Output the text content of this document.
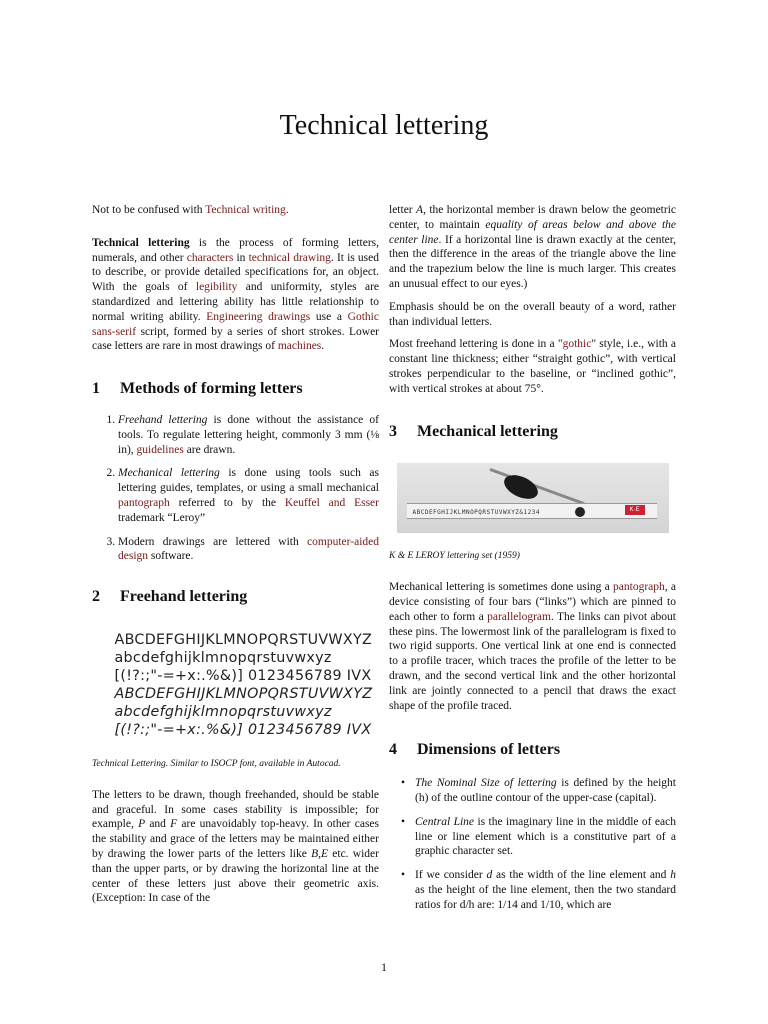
Technical lettering

Not to be confused with Technical writing.

Technical lettering is the process of forming letters, numerals, and other characters in technical drawing. It is used to describe, or provide detailed specifications for, an object. With the goals of legibility and uniformity, styles are standardized and lettering ability has little relationship to normal writing ability. Engineering drawings use a Gothic sans-serif script, formed by a series of short strokes. Lower case letters are rare in most drawings of machines.

1	Methods of forming letters
1. Freehand lettering is done without the assistance of tools. To regulate lettering height, commonly 3 mm (⅛ in), guidelines are drawn.
2. Mechanical lettering is done using tools such as lettering guides, templates, or using a small mechanical pantograph referred to by the Keuffel and Esser trademark “Leroy”
3. Modern drawings are lettered with computer-aided design software.
2	Freehand lettering
ABCDEFGHIJKLMNOPQRSTUVWXYZ
abcdefghijklmnopqrstuvwxyz
[(!?:;"-=+x:.%&)] 0123456789 IVX
ABCDEFGHIJKLMNOPQRSTUVWXYZ
abcdefghijklmnopqrstuvwxyz
[(!?:;"-=+x:.%&)] 0123456789 IVX

Technical Lettering. Similar to ISOCP font, available in Autocad.

The letters to be drawn, though freehanded, should be stable and graceful. In some cases stability is impossible; for example, P and F are unavoidably top-heavy. In other cases the stability and grace of the letters may be maintained either by drawing the lower parts of the letters like B,E etc. wider than the upper parts, or by drawing the horizontal line at the center of these letters just above their geometric axis. (Exception: In case of the

letter A, the horizontal member is drawn below the geometric center, to maintain equality of areas below and above the center line. If a horizontal line is drawn exactly at the center, then the difference in the areas of the triangle above the line and the trapezium below the line is much larger. This creates an unusual effect to our eyes.)

Emphasis should be on the overall beauty of a word, rather than individual letters.

Most freehand lettering is done in a "gothic" style, i.e., with a constant line thickness; either “straight gothic”, with vertical strokes perpendicular to the baseline, or “inclined gothic”, with vertical strokes at about 75°.

3	Mechanical lettering
ABCDEFGHIJKLMNOPQRSTUVWXYZ&1234	K·E

K & E LEROY lettering set (1959)

Mechanical lettering is sometimes done using a pantograph, a device consisting of four bars (“links”) which are pinned to each other to form a parallelogram. The links can pivot about these pins. The lowermost link of the parallelogram is fixed to two rigid supports. One vertical link at one end is connected to a profile tracer, which traces the profile of the letter to be drawn, and the second vertical link and the other horizontal link are jointly connected to a pencil that draws the exact shape of the profile traced.

4	Dimensions of letters
• The Nominal Size of lettering is defined by the height (h) of the outline contour of the upper-case (capital).
• Central Line is the imaginary line in the middle of each line or line element which is a constitutive part of a graphic character set.
• If we consider d as the width of the line element and h as the height of the line element, then the two standard ratios for d/h are: 1/14 and 1/10, which are
1
